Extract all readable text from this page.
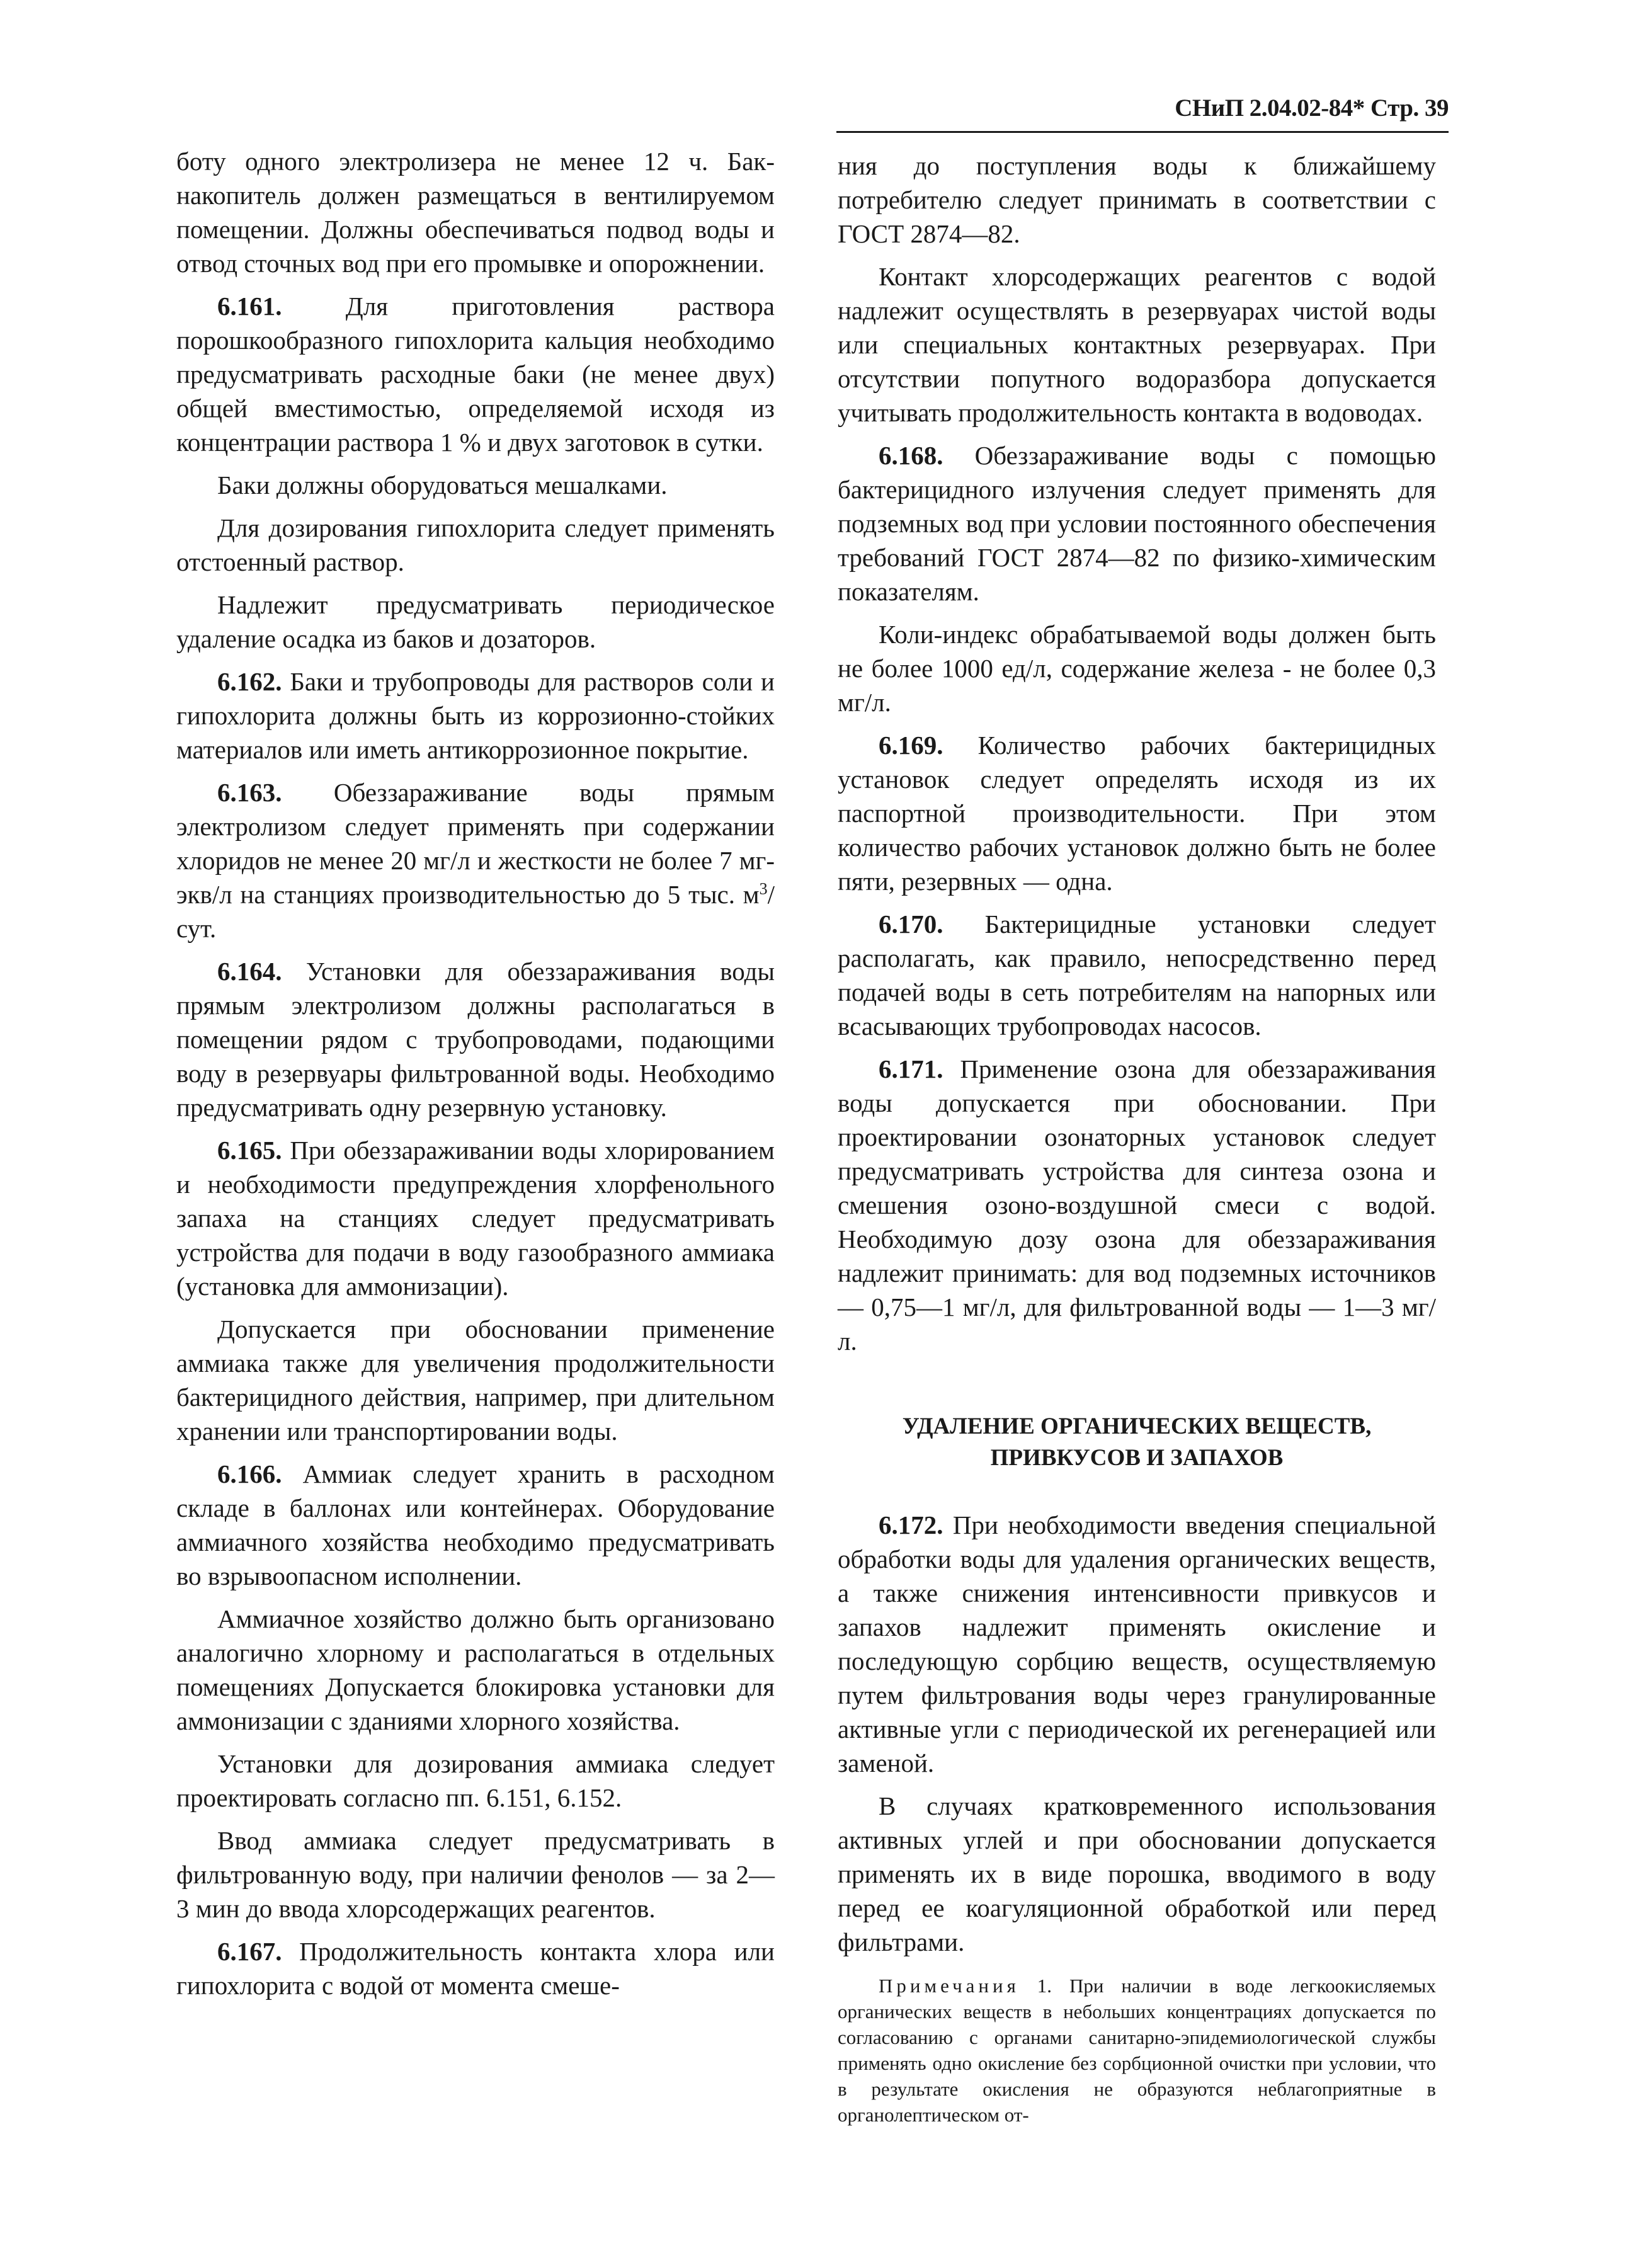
СНиП 2.04.02-84* Стр. 39

боту одного электролизера не менее 12 ч. Бак-накопитель должен размещаться в вентилируемом помещении. Должны обеспечиваться подвод воды и отвод сточных вод при его промывке и опорожнении.

6.161. Для приготовления раствора порошкообразного гипохлорита кальция необходимо предусматривать расходные баки (не менее двух) общей вместимостью, определяемой исходя из концентрации раствора 1 % и двух заготовок в сутки.

Баки должны оборудоваться мешалками.

Для дозирования гипохлорита следует применять отстоенный раствор.

Надлежит предусматривать периодическое удаление осадка из баков и дозаторов.

6.162. Баки и трубопроводы для растворов соли и гипохлорита должны быть из коррозионно-стойких материалов или иметь антикоррозионное покрытие.

6.163. Обеззараживание воды прямым электролизом следует применять при содержании хлоридов не менее 20 мг/л и жесткости не более 7 мг-экв/л на станциях производительностью до 5 тыс. $м^3$/сут.

6.164. Установки для обеззараживания воды прямым электролизом должны располагаться в помещении рядом с трубопроводами, подающими воду в резервуары фильтрованной воды. Необходимо предусматривать одну резервную установку.

6.165. При обеззараживании воды хлорированием и необходимости предупреждения хлорфенольного запаха на станциях следует предусматривать устройства для подачи в воду газообразного аммиака (установка для аммонизации).

Допускается при обосновании применение аммиака также для увеличения продолжительности бактерицидного действия, например, при длительном хранении или транспортировании воды.

6.166. Аммиак следует хранить в расходном складе в баллонах или контейнерах. Оборудование аммиачного хозяйства необходимо предусматривать во взрывоопасном исполнении.

Аммиачное хозяйство должно быть организовано аналогично хлорному и располагаться в отдельных помещениях Допускается блокировка установки для аммонизации с зданиями хлорного хозяйства.

Установки для дозирования аммиака следует проектировать согласно пп. 6.151, 6.152.

Ввод аммиака следует предусматривать в фильтрованную воду, при наличии фенолов — за 2—3 мин до ввода хлорсодержащих реагентов.

6.167. Продолжительность контакта хлора или гипохлорита с водой от момента смеше-

ния до поступления воды к ближайшему потребителю следует принимать в соответствии с ГОСТ 2874—82.

Контакт хлорсодержащих реагентов с водой надлежит осуществлять в резервуарах чистой воды или специальных контактных резервуарах. При отсутствии попутного водоразбора допускается учитывать продолжительность контакта в водоводах.

6.168. Обеззараживание воды с помощью бактерицидного излучения следует применять для подземных вод при условии постоянного обеспечения требований ГОСТ 2874—82 по физико-химическим показателям.

Коли-индекс обрабатываемой воды должен быть не более 1000 ед/л, содержание железа - не более 0,3 мг/л.

6.169. Количество рабочих бактерицидных установок следует определять исходя из их паспортной производительности. При этом количество рабочих установок должно быть не более пяти, резервных — одна.

6.170. Бактерицидные установки следует располагать, как правило, непосредственно перед подачей воды в сеть потребителям на напорных или всасывающих трубопроводах насосов.

6.171. Применение озона для обеззараживания воды допускается при обосновании. При проектировании озонаторных установок следует предусматривать устройства для синтеза озона и смешения озоно-воздушной смеси с водой. Необходимую дозу озона для обеззараживания надлежит принимать: для вод подземных источников — 0,75—1 мг/л, для фильтрованной воды — 1—3 мг/л.

УДАЛЕНИЕ ОРГАНИЧЕСКИХ ВЕЩЕСТВ,
ПРИВКУСОВ И ЗАПАХОВ

6.172. При необходимости введения специальной обработки воды для удаления органических веществ, а также снижения интенсивности привкусов и запахов надлежит применять окисление и последующую сорбцию веществ, осуществляемую путем фильтрования воды через гранулированные активные угли с периодической их регенерацией или заменой.

В случаях кратковременного использования активных углей и при обосновании допускается применять их в виде порошка, вводимого в воду перед ее коагуляционной обработкой или перед фильтрами.

Примечания 1. При наличии в воде легкоокисляемых органических веществ в небольших концентрациях допускается по согласованию с органами санитарно-эпидемиологической службы применять одно окисление без сорбционной очистки при условии, что в результате окисления не образуются неблагоприятные в органолептическом от-
